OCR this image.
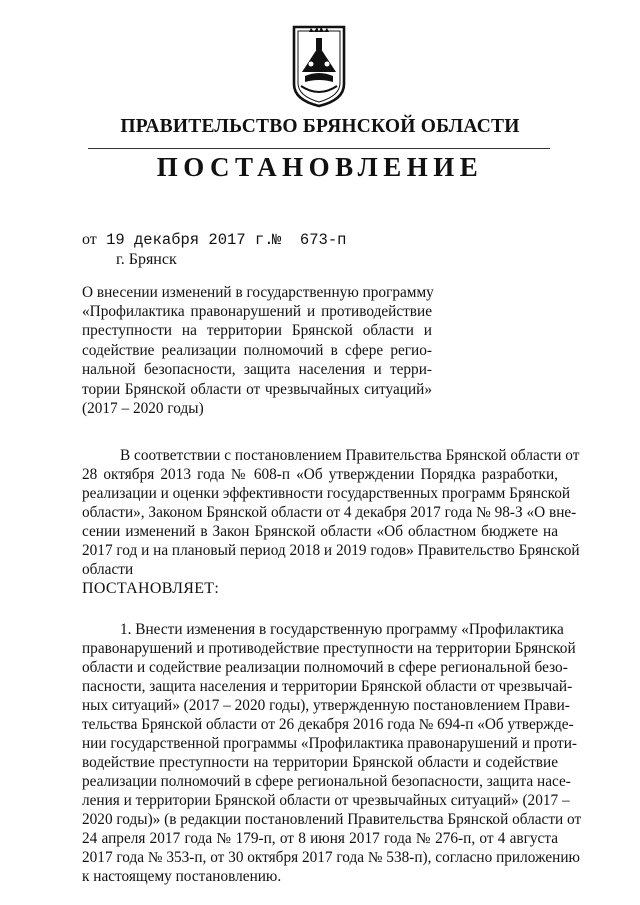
ПРАВИТЕЛЬСТВО БРЯНСКОЙ ОБЛАСТИ
ПОСТАНОВЛЕНИЕ
от 19 декабря 2017 г.
№ 673-п
г. Брянск
О внесении изменений в государственную программу
«Профилактика правонарушений и противодействие
преступности на территории Брянской области и
содействие реализации полномочий в сфере регио-
нальной безопасности, защита населения и терри-
тории Брянской области от чрезвычайных ситуаций»
(2017 – 2020 годы)
В соответствии с постановлением Правительства Брянской области от
28 октября 2013 года № 608-п «Об утверждении Порядка разработки,
реализации и оценки эффективности государственных программ Брянской
области», Законом Брянской области от 4 декабря 2017 года № 98-З «О вне-
сении изменений в Закон Брянской области «Об областном бюджете на
2017 год и на плановый период 2018 и 2019 годов» Правительство Брянской
области
ПОСТАНОВЛЯЕТ:
1. Внести изменения в государственную программу «Профилактика
правонарушений и противодействие преступности на территории Брянской
области и содействие реализации полномочий в сфере региональной безо-
пасности, защита населения и территории Брянской области от чрезвычай-
ных ситуаций» (2017 – 2020 годы), утвержденную постановлением Прави-
тельства Брянской области от 26 декабря 2016 года № 694-п «Об утвержде-
нии государственной программы «Профилактика правонарушений и проти-
водействие преступности на территории Брянской области и содействие
реализации полномочий в сфере региональной безопасности, защита насе-
ления и территории Брянской области от чрезвычайных ситуаций» (2017 –
2020 годы)» (в редакции постановлений Правительства Брянской области от
24 апреля 2017 года № 179-п, от 8 июня 2017 года № 276-п, от 4 августа
2017 года № 353-п, от 30 октября 2017 года № 538-п), согласно приложению
к настоящему постановлению.
